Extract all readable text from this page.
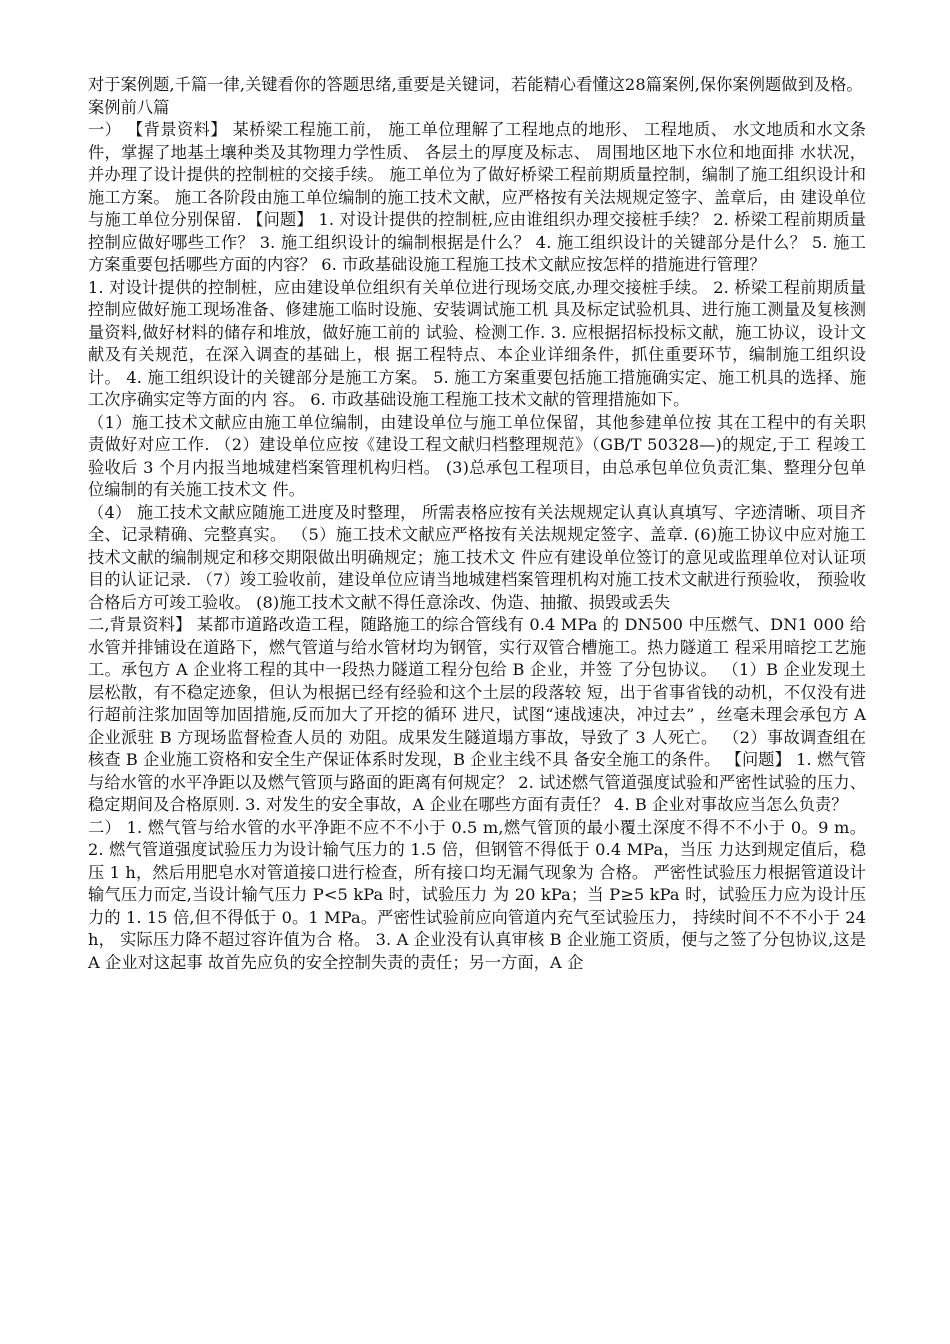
对于案例题,千篇一律,关键看你的答题思绪,重要是关键词，若能精心看懂这28篇案例,保你案例题做到及格。

案例前八篇

一） 【背景资料】 某桥梁工程施工前， 施工单位理解了工程地点的地形、 工程地质、 水文地质和水文条件，掌握了地基土壤种类及其物理力学性质、 各层土的厚度及标志、 周围地区地下水位和地面排 水状况，并办理了设计提供的控制桩的交接手续。 施工单位为了做好桥梁工程前期质量控制，编制了施工组织设计和施工方案。 施工各阶段由施工单位编制的施工技术文献，应严格按有关法规规定签字、盖章后，由 建设单位与施工单位分别保留. 【问题】 1. 对设计提供的控制桩,应由谁组织办理交接桩手续？ 2. 桥梁工程前期质量控制应做好哪些工作？ 3. 施工组织设计的编制根据是什么？ 4. 施工组织设计的关键部分是什么？ 5. 施工方案重要包括哪些方面的内容？ 6. 市政基础设施工程施工技术文献应按怎样的措施进行管理？

1. 对设计提供的控制桩，应由建设单位组织有关单位进行现场交底,办理交接桩手续。 2. 桥梁工程前期质量控制应做好施工现场准备、修建施工临时设施、安装调试施工机 具及标定试验机具、进行施工测量及复核测量资料,做好材料的储存和堆放，做好施工前的 试验、检测工作. 3. 应根据招标投标文献，施工协议，设计文献及有关规范，在深入调查的基础上，根 据工程特点、本企业详细条件，抓住重要环节，编制施工组织设计。 4. 施工组织设计的关键部分是施工方案。 5. 施工方案重要包括施工措施确实定、施工机具的选择、施工次序确实定等方面的内 容。 6. 市政基础设施工程施工技术文献的管理措施如下。

（1）施工技术文献应由施工单位编制，由建设单位与施工单位保留，其他参建单位按 其在工程中的有关职责做好对应工作. （2）建设单位应按《建设工程文献归档整理规范》（GB/T 50328—)的规定,于工 程竣工验收后 3 个月内报当地城建档案管理机构归档。 (3)总承包工程项目，由总承包单位负责汇集、整理分包单位编制的有关施工技术文 件。

（4） 施工技术文献应随施工进度及时整理， 所需表格应按有关法规规定认真认真填写、字迹清晰、项目齐全、记录精确、完整真实。 （5）施工技术文献应严格按有关法规规定签字、盖章. (6)施工协议中应对施工技术文献的编制规定和移交期限做出明确规定；施工技术文 件应有建设单位签订的意见或监理单位对认证项目的认证记录. （7）竣工验收前，建设单位应请当地城建档案管理机构对施工技术文献进行预验收， 预验收合格后方可竣工验收。 (8)施工技术文献不得任意涂改、伪造、抽撤、损毁或丢失

二,背景资料】 某都市道路改造工程，随路施工的综合管线有 0.4 MPa 的 DN500 中压燃气、DN1 000 给水管并排铺设在道路下，燃气管道与给水管材均为钢管，实行双管合槽施工。热力隧道工 程采用暗挖工艺施工。承包方 A 企业将工程的其中一段热力隧道工程分包给 B 企业，并签 了分包协议。 （1）B 企业发现土层松散，有不稳定迹象，但认为根据已经有经验和这个土层的段落较 短，出于省事省钱的动机，不仅没有进行超前注浆加固等加固措施,反而加大了开挖的循环 进尺，试图“速战速决，冲过去” ，丝毫未理会承包方 A 企业派驻 B 方现场监督检查人员的 劝阻。成果发生隧道塌方事故，导致了 3 人死亡。 （2）事故调查组在核查 B 企业施工资格和安全生产保证体系时发现，B 企业主线不具 备安全施工的条件。 【问题】 1. 燃气管与给水管的水平净距以及燃气管顶与路面的距离有何规定？ 2. 试述燃气管道强度试验和严密性试验的压力、稳定期间及合格原则. 3. 对发生的安全事故，A 企业在哪些方面有责任？ 4. B 企业对事故应当怎么负责？

二） 1. 燃气管与给水管的水平净距不应不不小于 0.5 m,燃气管顶的最小覆土深度不得不不小于 0。9 m。 2. 燃气管道强度试验压力为设计输气压力的 1.5 倍，但钢管不得低于 0.4 MPa，当压 力达到规定值后，稳压 1 h，然后用肥皂水对管道接口进行检查，所有接口均无漏气现象为 合格。 严密性试验压力根据管道设计输气压力而定,当设计输气压力 P<5 kPa 时，试验压力 为 20 kPa；当 P≥5 kPa 时，试验压力应为设计压力的 1. 15 倍,但不得低于 0。1 MPa。严密性试验前应向管道内充气至试验压力， 持续时间不不不小于 24 h， 实际压力降不超过容许值为合 格。 3. A 企业没有认真审核 B 企业施工资质，便与之签了分包协议,这是 A 企业对这起事 故首先应负的安全控制失责的责任；另一方面，A 企
